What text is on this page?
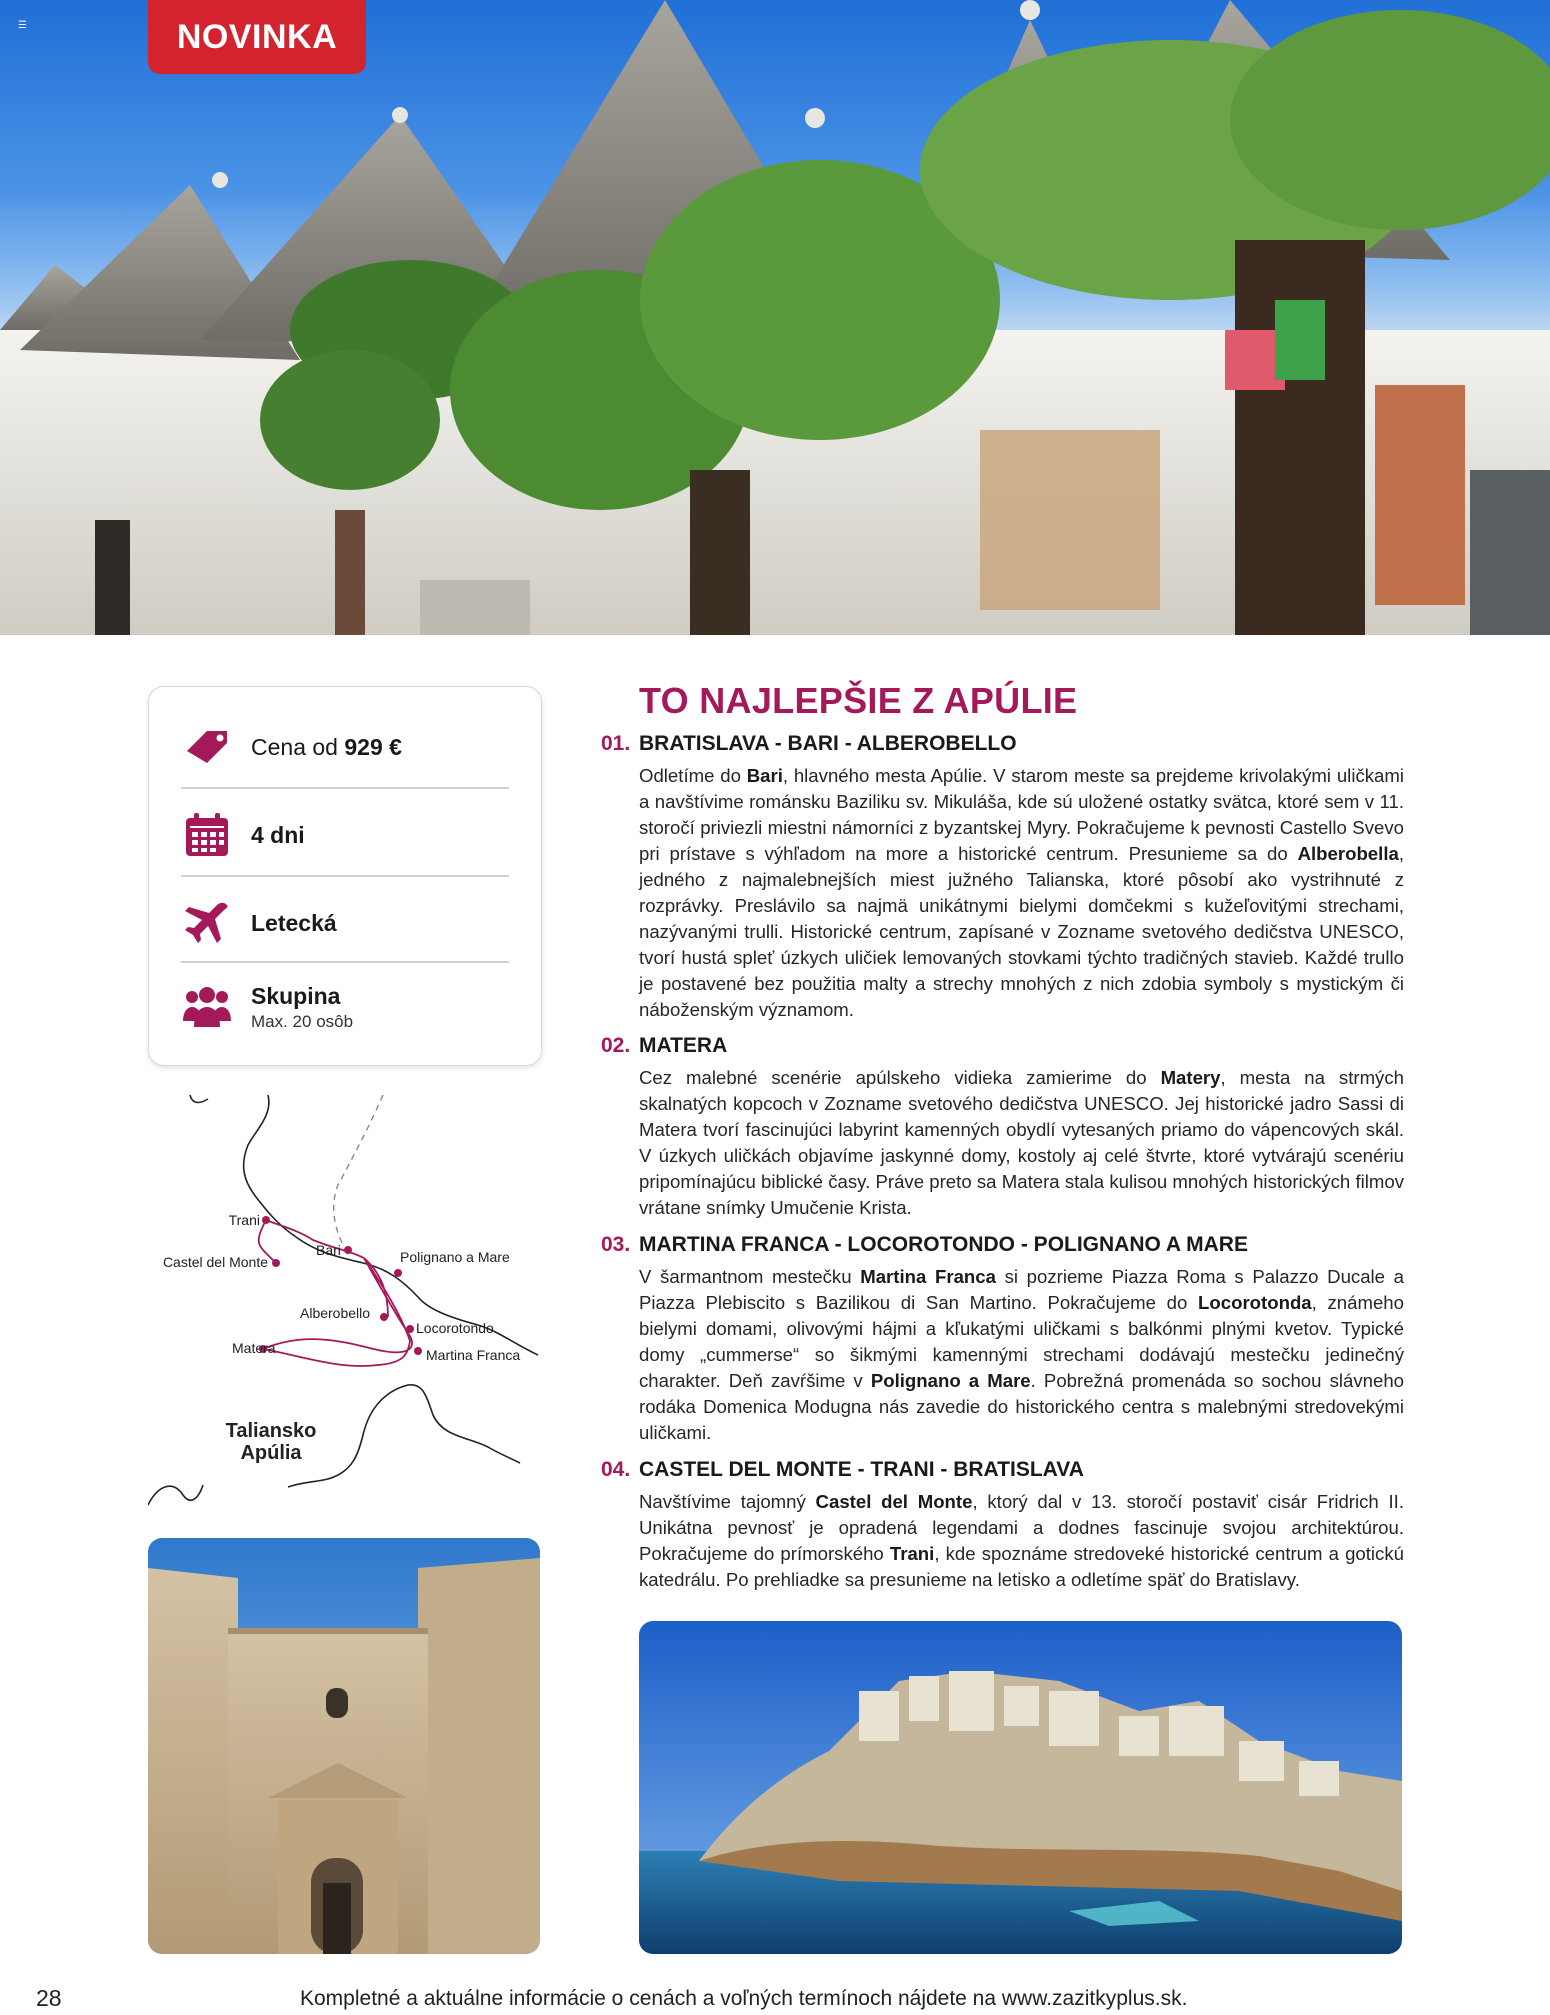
NOVINKA
☰
Cena od 929 €
4 dni
Letecká
Skupina
Max. 20 osôb
Trani
Castel del Monte
Bari	Polignano a Mare
Alberobello
Locorotondo
Matera	Martina Franca
Taliansko
Apúlia
TO NAJLEPŠIE Z APÚLIE
01. BRATISLAVA - BARI - ALBEROBELLO
Odletíme do Bari, hlavného mesta Apúlie. V starom meste sa prejdeme krivolakými uličkami a navštívime románsku Baziliku sv. Mikuláša, kde sú uložené ostatky svätca, ktoré sem v 11. storočí priviezli miestni námorníci z byzantskej Myry. Pokračujeme k pevnosti Castello Svevo pri prístave s výhľadom na more a historické centrum. Presunieme sa do Alberobella, jedného z najmalebnejších miest južného Talianska, ktoré pôsobí ako vystrihnuté z rozprávky. Preslávilo sa najmä unikátnymi bielymi domčekmi s kužeľovitými strechami, nazývanými trulli. Historické centrum, zapísané v Zozname svetového dedičstva UNESCO, tvorí hustá spleť úzkych uličiek lemovaných stovkami týchto tradičných stavieb. Každé trullo je postavené bez použitia malty a strechy mnohých z nich zdobia symboly s mystickým či náboženským významom.
02. MATERA
Cez malebné scenérie apúlskeho vidieka zamierime do Matery, mesta na strmých skalnatých kopcoch v Zozname svetového dedičstva UNESCO. Jej historické jadro Sassi di Matera tvorí fascinujúci labyrint kamenných obydlí vytesaných priamo do vápencových skál. V úzkych uličkách objavíme jaskynné domy, kostoly aj celé štvrte, ktoré vytvárajú scenériu pripomínajúcu biblické časy. Práve preto sa Matera stala kulisou mnohých historických filmov vrátane snímky Umučenie Krista.
03. MARTINA FRANCA - LOCOROTONDO - POLIGNANO A MARE
V šarmantnom mestečku Martina Franca si pozrieme Piazza Roma s Palazzo Ducale a Piazza Plebiscito s Bazilikou di San Martino. Pokračujeme do Locorotonda, známeho bielymi domami, olivovými hájmi a kľukatými uličkami s balkónmi plnými kvetov. Typické domy „cummerse“ so šikmými kamennými strechami dodávajú mestečku jedinečný charakter. Deň zavŕšime v Polignano a Mare. Pobrežná promenáda so sochou slávneho rodáka Domenica Modugna nás zavedie do historického centra s malebnými stredovekými uličkami.
04. CASTEL DEL MONTE - TRANI - BRATISLAVA
Navštívime tajomný Castel del Monte, ktorý dal v 13. storočí postaviť cisár Fridrich II. Unikátna pevnosť je opradená legendami a dodnes fascinuje svojou architektúrou. Pokračujeme do prímorského Trani, kde spoznáme stredoveké historické centrum a gotickú katedrálu. Po prehliadke sa presunieme na letisko a odletíme späť do Bratislavy.
28	Kompletné a aktuálne informácie o cenách a voľných termínoch nájdete na www.zazitkyplus.sk.
